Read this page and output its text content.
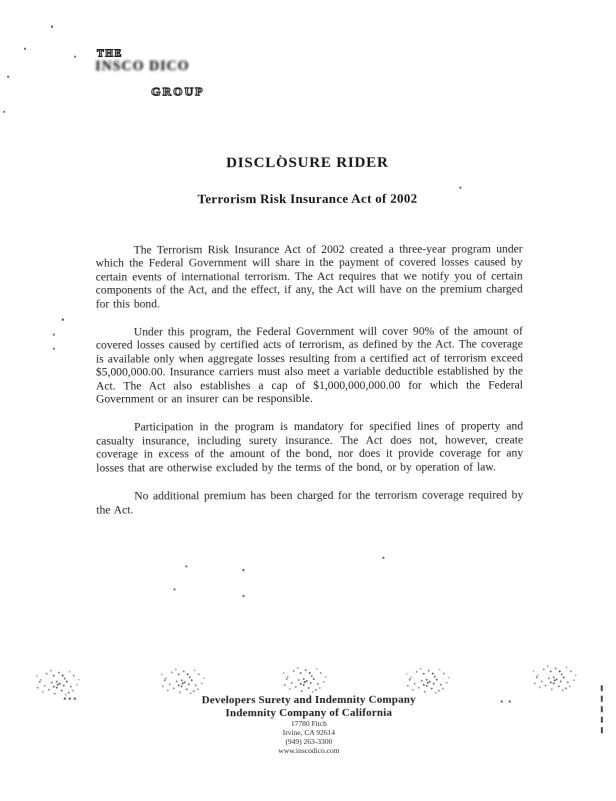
THE
INSCO DICO
GROUP
DISCLOSURE RIDER
Terrorism Risk Insurance Act of 2002

The Terrorism Risk Insurance Act of 2002 created a three-year program under which the Federal Government will share in the payment of covered losses caused by certain events of international terrorism. The Act requires that we notify you of certain components of the Act, and the effect, if any, the Act will have on the premium charged for this bond.

Under this program, the Federal Government will cover 90% of the amount of covered losses caused by certified acts of terrorism, as defined by the Act. The coverage is available only when aggregate losses resulting from a certified act of terrorism exceed $5,000,000.00. Insurance carriers must also meet a variable deductible established by the Act. The Act also establishes a cap of $1,000,000,000.00 for which the Federal Government or an insurer can be responsible.

Participation in the program is mandatory for specified lines of property and casualty insurance, including surety insurance. The Act does not, however, create coverage in excess of the amount of the bond, nor does it provide coverage for any losses that are otherwise excluded by the terms of the bond, or by operation of law.

No additional premium has been charged for the terrorism coverage required by the Act.

Developers Surety and Indemnity Company
Indemnity Company of California
17780 Fitch
Irvine, CA 92614
(949) 263-3300
www.inscodico.com
